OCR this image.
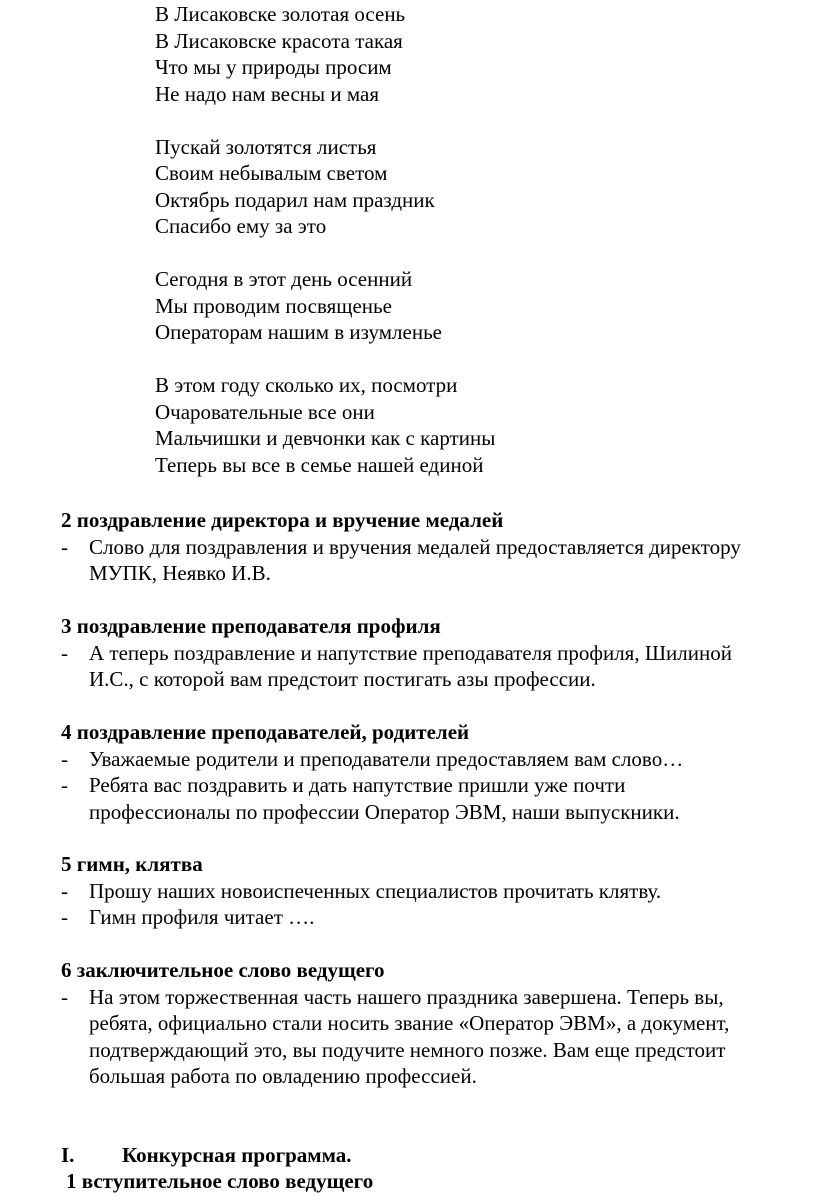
В Лисаковске золотая осень
В Лисаковске красота такая
Что мы у природы просим
Не надо нам весны и мая
Пускай золотятся листья
Своим небывалым светом
Октябрь подарил нам праздник
Спасибо ему за это
Сегодня в этот день осенний
Мы проводим посвященье
Операторам нашим в изумленье
В этом году сколько их, посмотри
Очаровательные все они
Мальчишки и девчонки как с картины
Теперь вы все в семье нашей единой
2 поздравление директора и вручение медалей
- Слово для поздравления и вручения медалей предоставляется директору
МУПК, Неявко И.В.
3 поздравление преподавателя профиля
- А теперь поздравление и напутствие преподавателя профиля, Шилиной
И.С., с которой вам предстоит постигать азы профессии.
4 поздравление преподавателей, родителей
- Уважаемые родители и преподаватели предоставляем вам слово…
- Ребята вас поздравить и дать напутствие пришли уже почти
профессионалы по профессии Оператор ЭВМ, наши выпускники.
5 гимн, клятва
- Прошу наших новоиспеченных специалистов прочитать клятву.
- Гимн профиля читает ….
6 заключительное слово ведущего
- На этом торжественная часть нашего праздника завершена. Теперь вы,
ребята, официально стали носить звание «Оператор ЭВМ», а документ,
подтверждающий это, вы подучите немного позже. Вам еще предстоит
большая работа по овладению профессией.
I. Конкурсная программа.
1 вступительное слово ведущего
